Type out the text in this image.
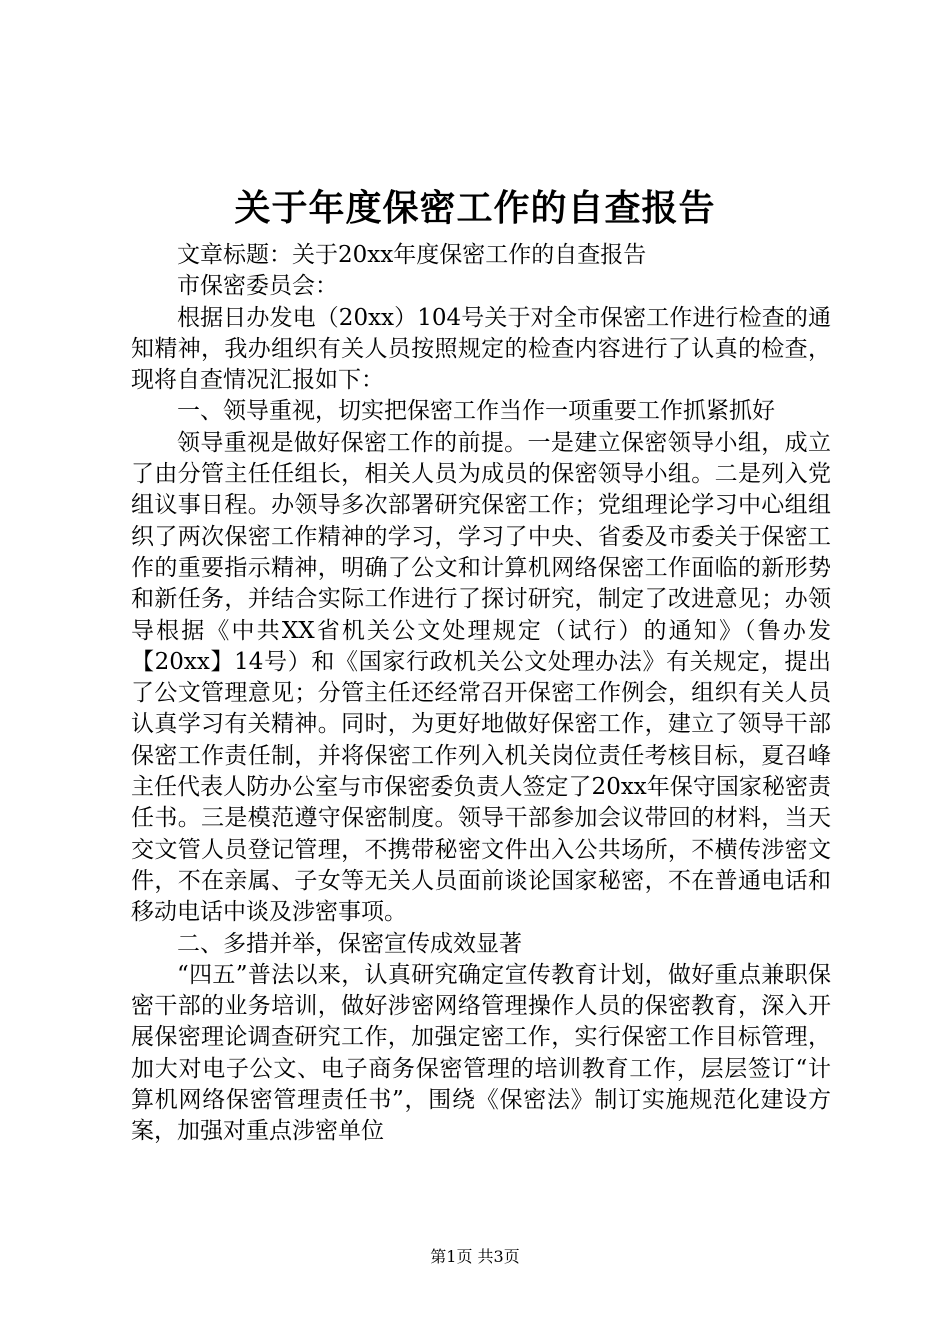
关于年度保密工作的自查报告

文章标题：关于20xx年度保密工作的自查报告

市保密委员会：

根据日办发电（20xx）104号关于对全市保密工作进行检查的通知精神，我办组织有关人员按照规定的检查内容进行了认真的检查，现将自查情况汇报如下：

一、领导重视，切实把保密工作当作一项重要工作抓紧抓好

领导重视是做好保密工作的前提。一是建立保密领导小组，成立了由分管主任任组长，相关人员为成员的保密领导小组。二是列入党组议事日程。办领导多次部署研究保密工作；党组理论学习中心组组织了两次保密工作精神的学习，学习了中央、省委及市委关于保密工作的重要指示精神，明确了公文和计算机网络保密工作面临的新形势和新任务，并结合实际工作进行了探讨研究，制定了改进意见；办领导根据《中共XX省机关公文处理规定（试行）的通知》（鲁办发【20xx】14号）和《国家行政机关公文处理办法》有关规定，提出了公文管理意见；分管主任还经常召开保密工作例会，组织有关人员认真学习有关精神。同时，为更好地做好保密工作，建立了领导干部保密工作责任制，并将保密工作列入机关岗位责任考核目标，夏召峰主任代表人防办公室与市保密委负责人签定了20xx年保守国家秘密责任书。三是模范遵守保密制度。领导干部参加会议带回的材料，当天交文管人员登记管理，不携带秘密文件出入公共场所，不横传涉密文件，不在亲属、子女等无关人员面前谈论国家秘密，不在普通电话和移动电话中谈及涉密事项。

二、多措并举，保密宣传成效显著

“四五”普法以来，认真研究确定宣传教育计划，做好重点兼职保密干部的业务培训，做好涉密网络管理操作人员的保密教育，深入开展保密理论调查研究工作，加强定密工作，实行保密工作目标管理，加大对电子公文、电子商务保密管理的培训教育工作，层层签订“计算机网络保密管理责任书”，围绕《保密法》制订实施规范化建设方案，加强对重点涉密单位

第1页 共3页
